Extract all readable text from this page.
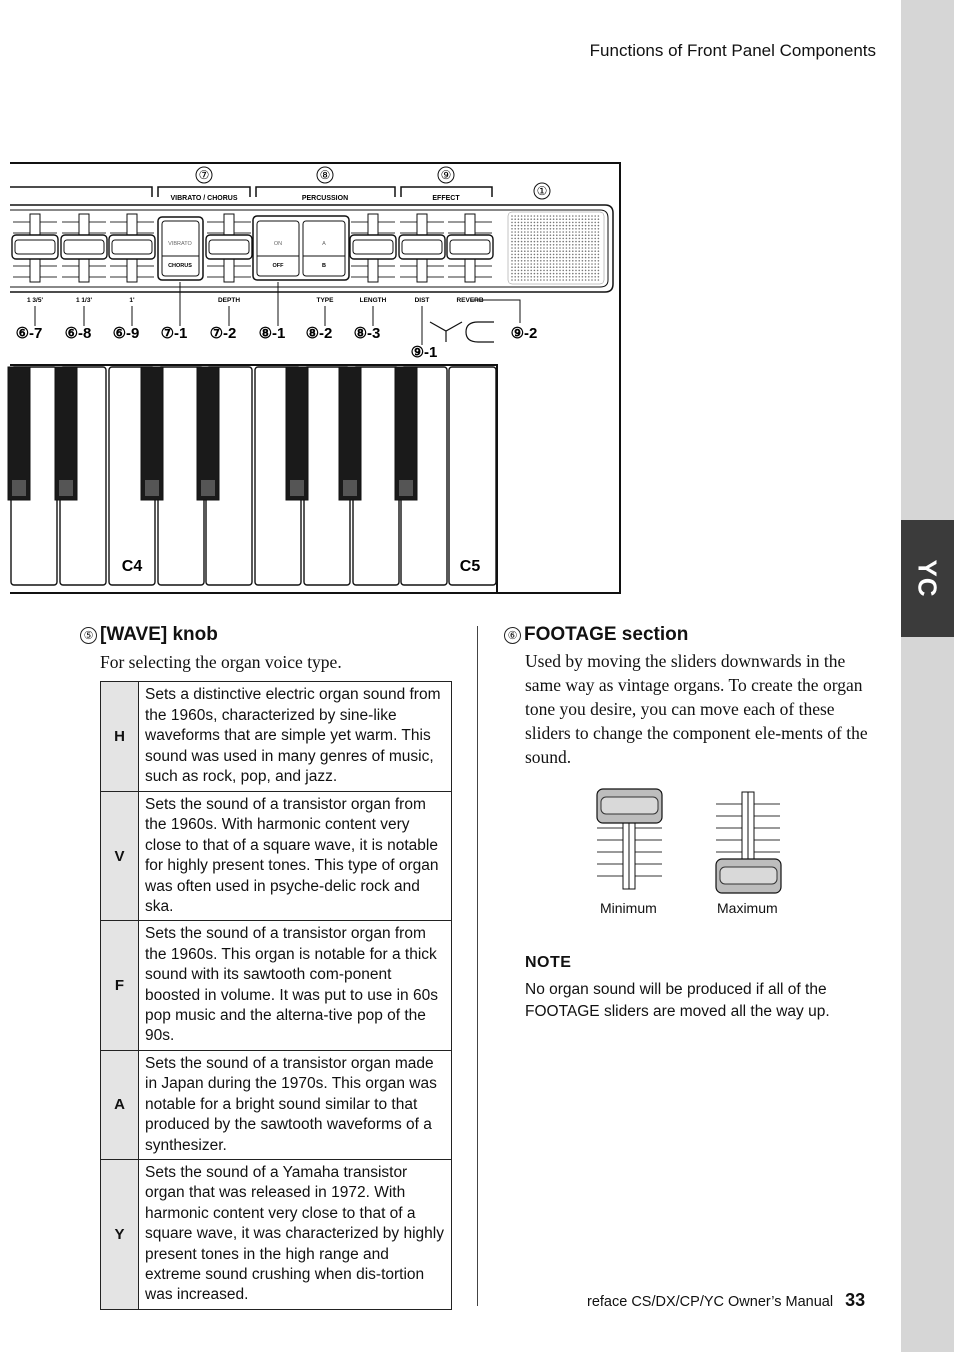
YC
Functions of Front Panel Components
⑦	⑧	⑨
①
VIBRATO / CHORUS	PERCUSSION	EFFECT
VIBRATO
CHORUS
ON
OFF
A
B
1 3/5'	1 1/3'	1'	DEPTH	TYPE	LENGTH	DIST	REVERB
⑥-7 ⑥-8 ⑥-9 ⑦-1 ⑦-2 ⑧-1 ⑧-2 ⑧-3	⑨-2
⑨-1
C4	C5
⑤ [WAVE] knob

For selecting the organ voice type.

H	Sets a distinctive electric organ sound from the 1960s, characterized by sine-like waveforms that are simple yet warm. This sound was used in many genres of music, such as rock, pop, and jazz.
V	Sets the sound of a transistor organ from the 1960s. With harmonic content very close to that of a square wave, it is notable for highly present tones. This type of organ was often used in psyche-delic rock and ska.
F	Sets the sound of a transistor organ from the 1960s. This organ is notable for a thick sound with its sawtooth com-ponent boosted in volume. It was put to use in 60s pop music and the alterna-tive pop of the 90s.
A	Sets the sound of a transistor organ made in Japan during the 1970s. This organ was notable for a bright sound similar to that produced by the sawtooth waveforms of a synthesizer.
Y	Sets the sound of a Yamaha transistor organ that was released in 1972. With harmonic content very close to that of a square wave, it was characterized by highly present tones in the high range and extreme sound crushing when dis-tortion was increased.
⑥ FOOTAGE section

Used by moving the sliders downwards in the same way as vintage organs. To create the organ tone you desire, you can move each of these sliders to change the component ele-ments of the sound.

Minimum	Maximum
NOTE

No organ sound will be produced if all of the FOOTAGE sliders are moved all the way up.

reface CS/DX/CP/YC Owner’s Manual 33
